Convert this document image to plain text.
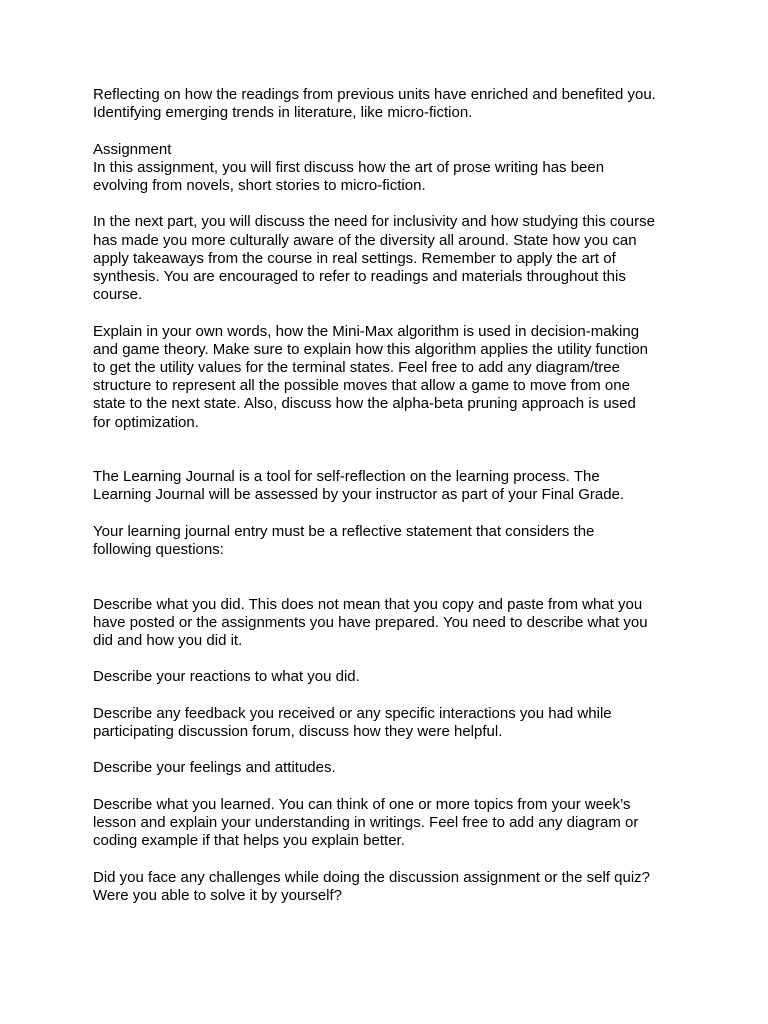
Reflecting on how the readings from previous units have enriched and benefited you.

Identifying emerging trends in literature, like micro-fiction.

Assignment

In this assignment, you will first discuss how the art of prose writing has been
evolving from novels, short stories to micro-fiction.

In the next part, you will discuss the need for inclusivity and how studying this course
has made you more culturally aware of the diversity all around. State how you can
apply takeaways from the course in real settings. Remember to apply the art of
synthesis. You are encouraged to refer to readings and materials throughout this
course.

Explain in your own words, how the Mini-Max algorithm is used in decision-making
and game theory. Make sure to explain how this algorithm applies the utility function
to get the utility values for the terminal states. Feel free to add any diagram/tree
structure to represent all the possible moves that allow a game to move from one
state to the next state. Also, discuss how the alpha-beta pruning approach is used
for optimization.

The Learning Journal is a tool for self-reflection on the learning process. The
Learning Journal will be assessed by your instructor as part of your Final Grade.

Your learning journal entry must be a reflective statement that considers the
following questions:

Describe what you did. This does not mean that you copy and paste from what you
have posted or the assignments you have prepared. You need to describe what you
did and how you did it.

Describe your reactions to what you did.

Describe any feedback you received or any specific interactions you had while
participating discussion forum, discuss how they were helpful.

Describe your feelings and attitudes.

Describe what you learned. You can think of one or more topics from your week’s
lesson and explain your understanding in writings. Feel free to add any diagram or
coding example if that helps you explain better.

Did you face any challenges while doing the discussion assignment or the self quiz?
Were you able to solve it by yourself?
